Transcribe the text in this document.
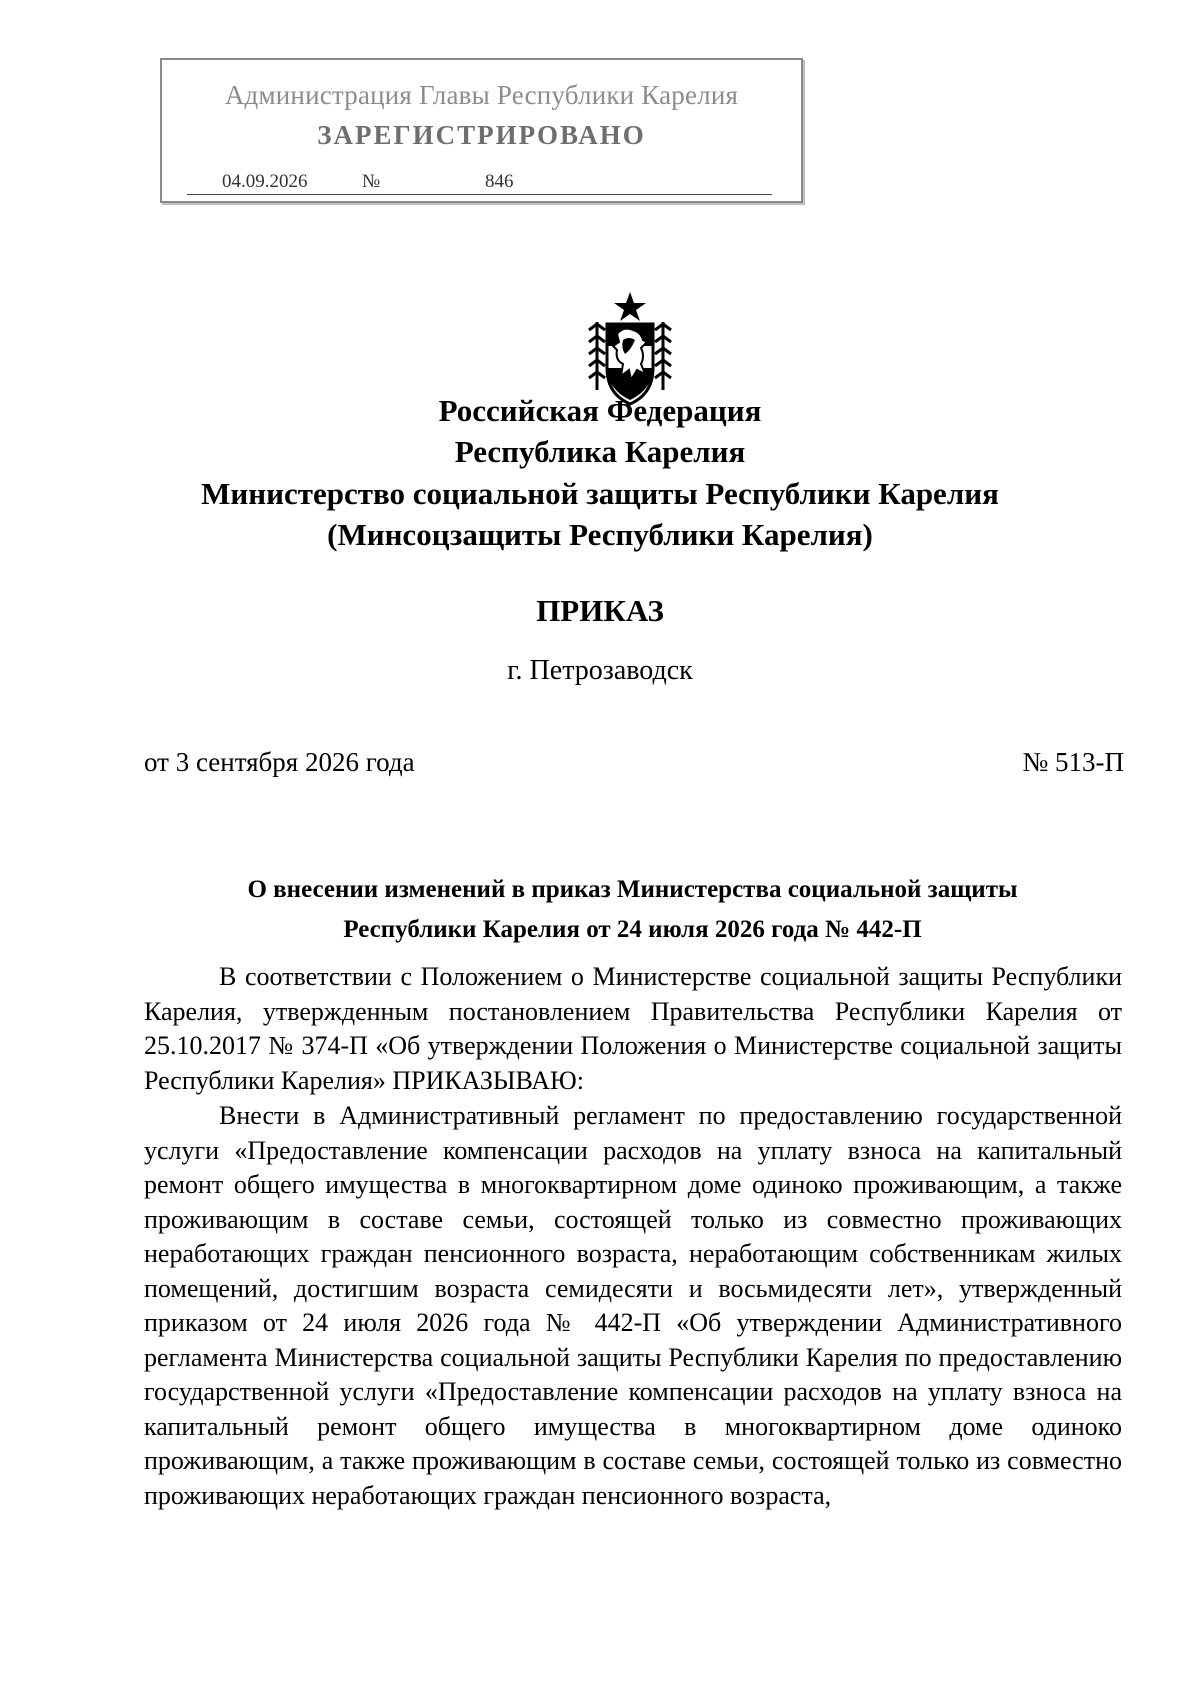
Администрация Главы Республики Карелия
ЗАРЕГИСТРИРОВАНО
04.09.2026	№	846
Российская Федерация
Республика Карелия
Министерство социальной защиты Республики Карелия
(Минсоцзащиты Республики Карелия)
ПРИКАЗ
г. Петрозаводск
от 3 сентября 2026 года	№ 513-П
О внесении изменений в приказ Министерства социальной защиты
Республики Карелия от 24 июля 2026 года № 442-П

В соответствии с Положением о Министерстве социальной защиты Республики Карелия, утвержденным постановлением Правительства Республики Карелия от 25.10.2017 № 374-П «Об утверждении Положения о Министерстве социальной защиты Республики Карелия» ПРИКАЗЫВАЮ:

Внести в Административный регламент по предоставлению государственной услуги «Предоставление компенсации расходов на уплату взноса на капитальный ремонт общего имущества в многоквартирном доме одиноко проживающим, а также проживающим в составе семьи, состоящей только из совместно проживающих неработающих граждан пенсионного возраста, неработающим собственникам жилых помещений, достигшим возраста семидесяти и восьмидесяти лет», утвержденный приказом от 24 июля 2026 года № 442-П «Об утверждении Административного регламента Министерства социальной защиты Республики Карелия по предоставлению государственной услуги «Предоставление компенсации расходов на уплату взноса на капитальный ремонт общего имущества в многоквартирном доме одиноко проживающим, а также проживающим в составе семьи, состоящей только из совместно проживающих неработающих граждан пенсионного возраста,
